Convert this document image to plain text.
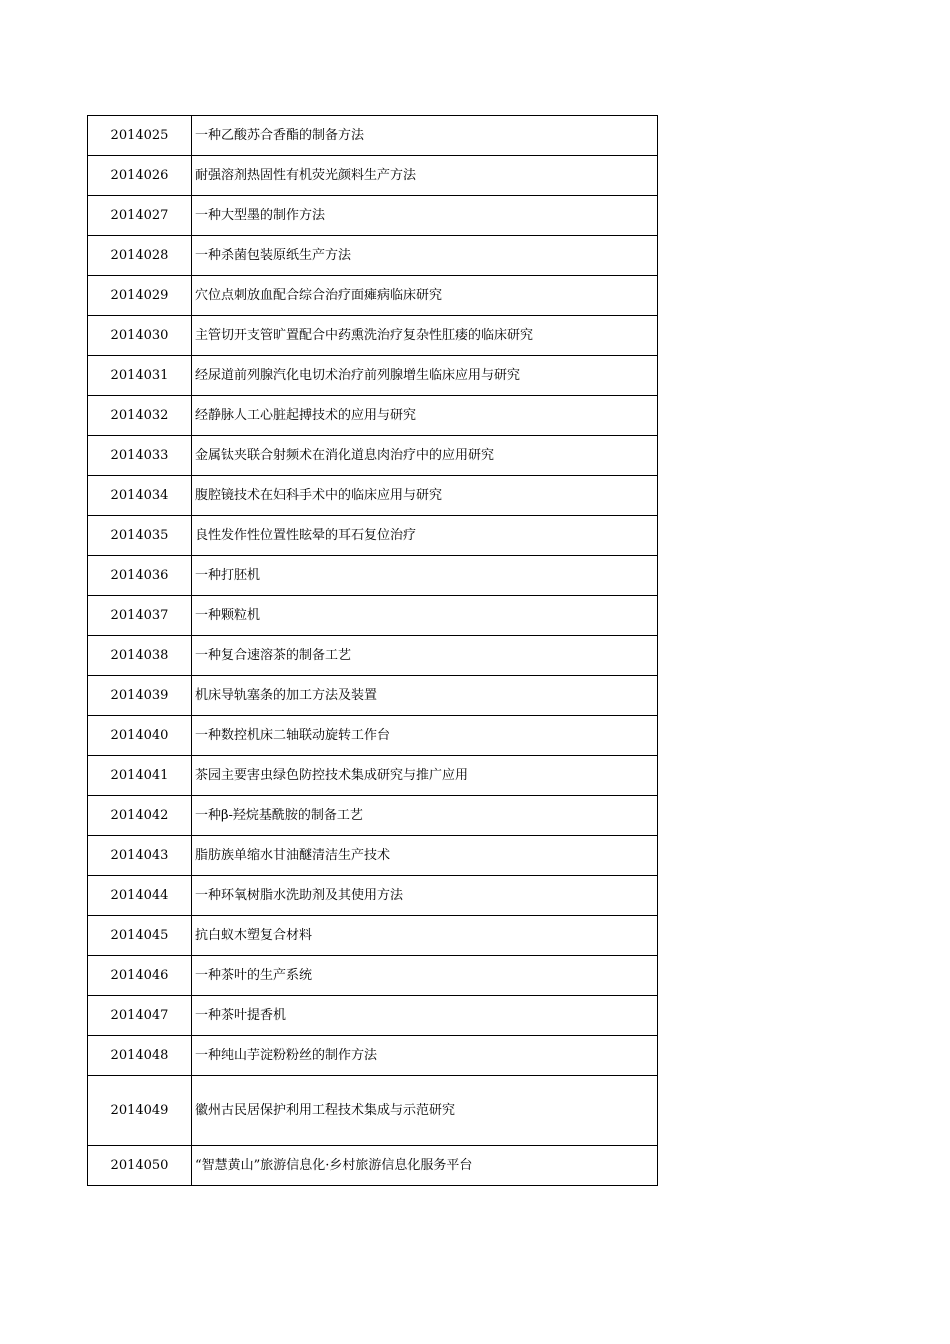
2014025	一种乙酸苏合香酯的制备方法
2014026	耐强溶剂热固性有机荧光颜料生产方法
2014027	一种大型墨的制作方法
2014028	一种杀菌包装原纸生产方法
2014029	穴位点刺放血配合综合治疗面瘫病临床研究
2014030	主管切开支管旷置配合中药熏洗治疗复杂性肛瘘的临床研究
2014031	经尿道前列腺汽化电切术治疗前列腺增生临床应用与研究
2014032	经静脉人工心脏起搏技术的应用与研究
2014033	金属钛夹联合射频术在消化道息肉治疗中的应用研究
2014034	腹腔镜技术在妇科手术中的临床应用与研究
2014035	良性发作性位置性眩晕的耳石复位治疗
2014036	一种打胚机
2014037	一种颗粒机
2014038	一种复合速溶茶的制备工艺
2014039	机床导轨塞条的加工方法及装置
2014040	一种数控机床二轴联动旋转工作台
2014041	茶园主要害虫绿色防控技术集成研究与推广应用
2014042	一种β-羟烷基酰胺的制备工艺
2014043	脂肪族单缩水甘油醚清洁生产技术
2014044	一种环氧树脂水洗助剂及其使用方法
2014045	抗白蚁木塑复合材料
2014046	一种茶叶的生产系统
2014047	一种茶叶提香机
2014048	一种纯山芋淀粉粉丝的制作方法
2014049	徽州古民居保护利用工程技术集成与示范研究
2014050	“智慧黄山”旅游信息化·乡村旅游信息化服务平台
